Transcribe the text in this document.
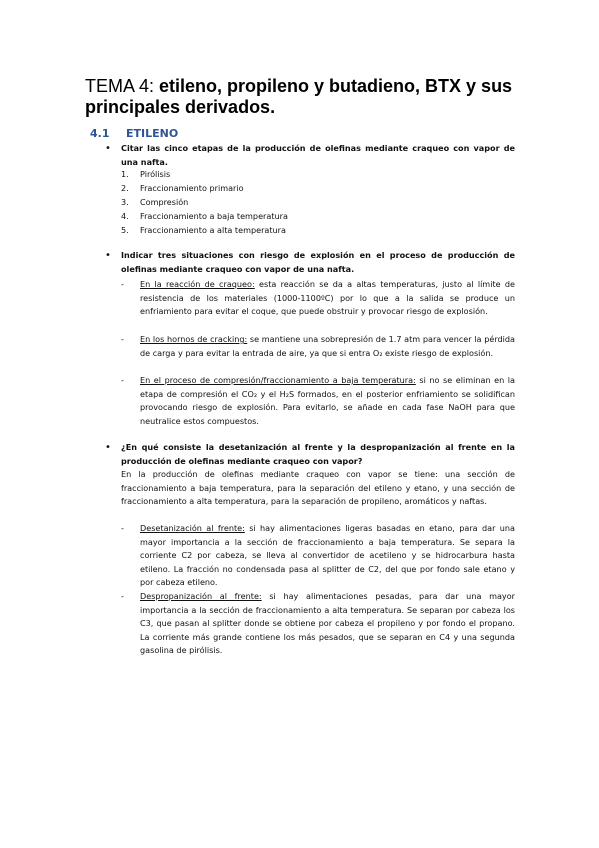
TEMA 4: etileno, propileno y butadieno, BTX y sus principales derivados.
4.1 ETILENO
• Citar las cinco etapas de la producción de olefinas mediante craqueo con vapor de una nafta.

1. Pirólisis
2. Fraccionamiento primario
3. Compresión
4. Fraccionamiento a baja temperatura
5. Fraccionamiento a alta temperatura
• Indicar tres situaciones con riesgo de explosión en el proceso de producción de olefinas mediante craqueo con vapor de una nafta.

- En la reacción de craqueo: esta reacción se da a altas temperaturas, justo al límite de resistencia de los materiales (1000-1100ºC) por lo que a la salida se produce un enfriamiento para evitar el coque, que puede obstruir y provocar riesgo de explosión.

- En los hornos de cracking: se mantiene una sobrepresión de 1.7 atm para vencer la pérdida de carga y para evitar la entrada de aire, ya que si entra O₂ existe riesgo de explosión.

- En el proceso de compresión/fraccionamiento a baja temperatura: si no se eliminan en la etapa de compresión el CO₂ y el H₂S formados, en el posterior enfriamiento se solidifican provocando riesgo de explosión. Para evitarlo, se añade en cada fase NaOH para que neutralice estos compuestos.

• ¿En qué consiste la desetanización al frente y la despropanización al frente en la producción de olefinas mediante craqueo con vapor?

En la producción de olefinas mediante craqueo con vapor se tiene: una sección de fraccionamiento a baja temperatura, para la separación del etileno y etano, y una sección de fraccionamiento a alta temperatura, para la separación de propileno, aromáticos y naftas.

- Desetanización al frente: si hay alimentaciones ligeras basadas en etano, para dar una mayor importancia a la sección de fraccionamiento a baja temperatura. Se separa la corriente C2 por cabeza, se lleva al convertidor de acetileno y se hidrocarbura hasta etileno. La fracción no condensada pasa al splitter de C2, del que por fondo sale etano y por cabeza etileno.

- Despropanización al frente: si hay alimentaciones pesadas, para dar una mayor importancia a la sección de fraccionamiento a alta temperatura. Se separan por cabeza los C3, que pasan al splitter donde se obtiene por cabeza el propileno y por fondo el propano. La corriente más grande contiene los más pesados, que se separan en C4 y una segunda gasolina de pirólisis.
